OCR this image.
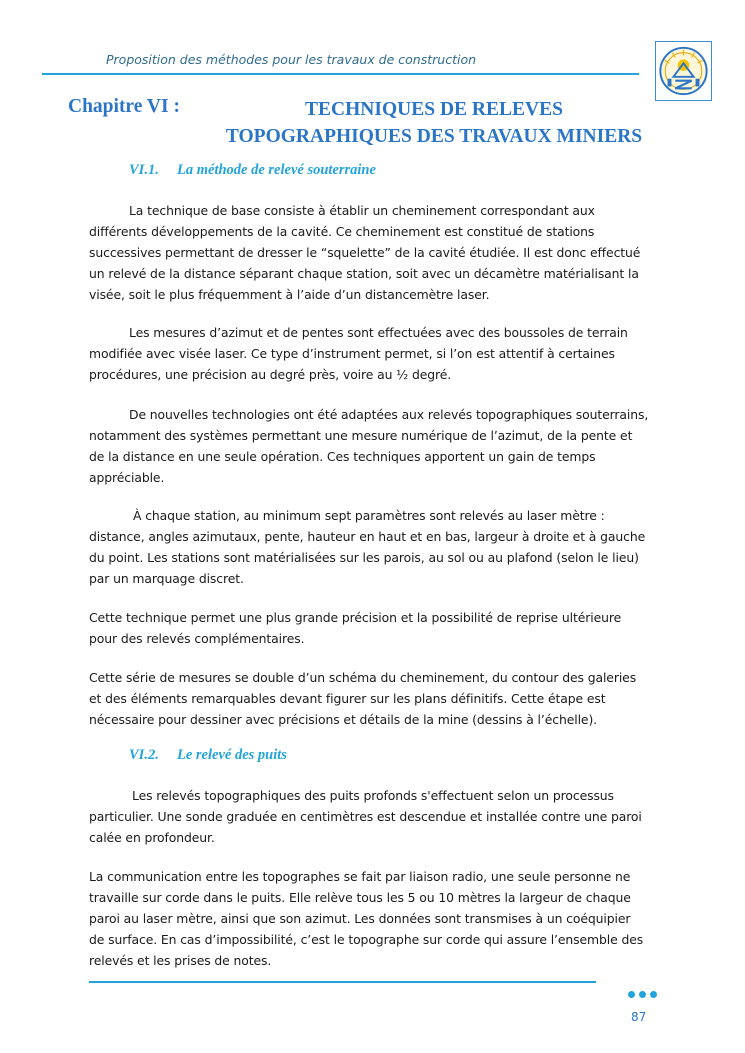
Proposition des méthodes pour les travaux de construction
Chapitre VI :	TECHNIQUES DE RELEVES TOPOGRAPHIQUES DES TRAVAUX MINIERS
VI.1. La méthode de relevé souterraine

La technique de base consiste à établir un cheminement correspondant aux différents développements de la cavité. Ce cheminement est constitué de stations successives permettant de dresser le “squelette” de la cavité étudiée. Il est donc effectué un relevé de la distance séparant chaque station, soit avec un décamètre matérialisant la visée, soit le plus fréquemment à l’aide d’un distancemètre laser.

Les mesures d’azimut et de pentes sont effectuées avec des boussoles de terrain modifiée avec visée laser. Ce type d’instrument permet, si l’on est attentif à certaines procédures, une précision au degré près, voire au ½ degré.

De nouvelles technologies ont été adaptées aux relevés topographiques souterrains, notamment des systèmes permettant une mesure numérique de l’azimut, de la pente et de la distance en une seule opération. Ces techniques apportent un gain de temps appréciable.

À chaque station, au minimum sept paramètres sont relevés au laser mètre : distance, angles azimutaux, pente, hauteur en haut et en bas, largeur à droite et à gauche du point. Les stations sont matérialisées sur les parois, au sol ou au plafond (selon le lieu) par un marquage discret.

Cette technique permet une plus grande précision et la possibilité de reprise ultérieure pour des relevés complémentaires.

Cette série de mesures se double d’un schéma du cheminement, du contour des galeries et des éléments remarquables devant figurer sur les plans définitifs. Cette étape est nécessaire pour dessiner avec précisions et détails de la mine (dessins à l’échelle).

VI.2. Le relevé des puits

Les relevés topographiques des puits profonds s'effectuent selon un processus particulier. Une sonde graduée en centimètres est descendue et installée contre une paroi calée en profondeur.

La communication entre les topographes se fait par liaison radio, une seule personne ne travaille sur corde dans le puits. Elle relève tous les 5 ou 10 mètres la largeur de chaque paroi au laser mètre, ainsi que son azimut. Les données sont transmises à un coéquipier de surface. En cas d’impossibilité, c’est le topographe sur corde qui assure l’ensemble des relevés et les prises de notes.

87
